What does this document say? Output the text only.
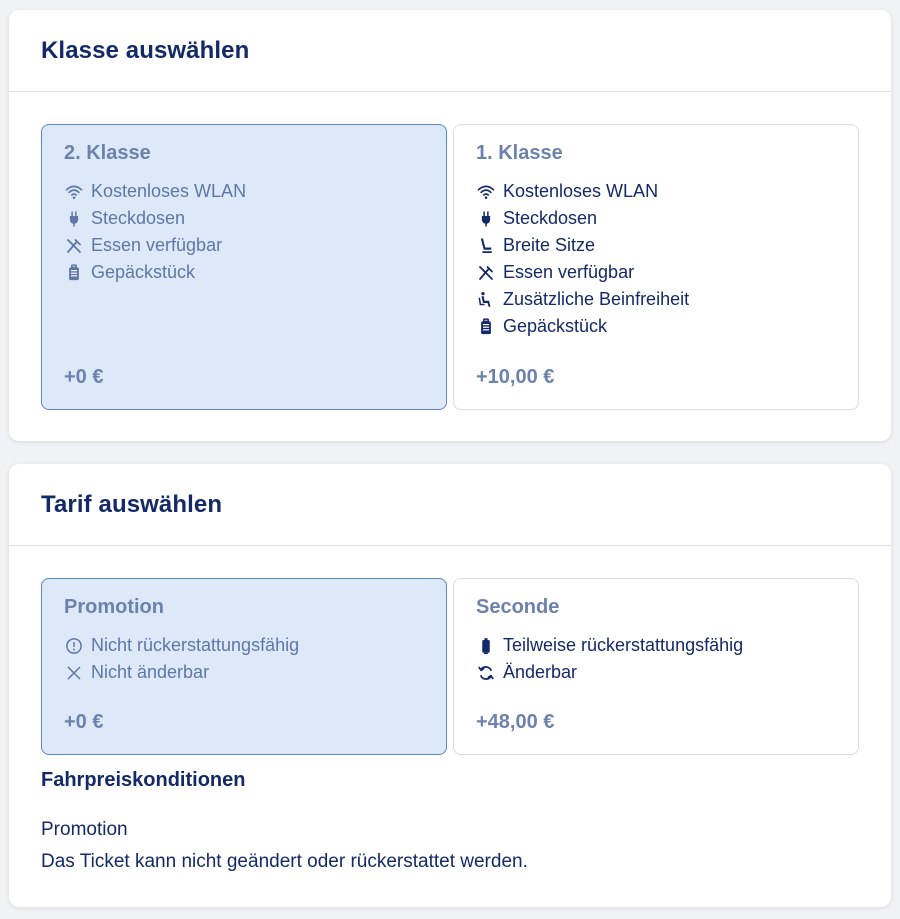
Klasse auswählen
2. Klasse
Kostenloses WLAN
Steckdosen
Essen verfügbar
Gepäckstück
+0 €
1. Klasse
Kostenloses WLAN
Steckdosen
Breite Sitze
Essen verfügbar
Zusätzliche Beinfreiheit
Gepäckstück
+10,00 €
Tarif auswählen
Promotion
Nicht rückerstattungsfähig
Nicht änderbar
+0 €
Seconde
Teilweise rückerstattungsfähig
Änderbar
+48,00 €
Fahrpreiskonditionen
Promotion
Das Ticket kann nicht geändert oder rückerstattet werden.
